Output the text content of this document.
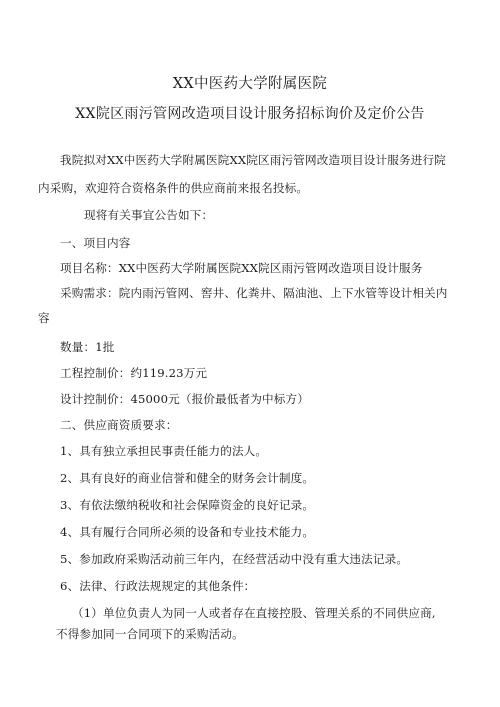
XX中医药大学附属医院
XX院区雨污管网改造项目设计服务招标询价及定价公告
我院拟对XX中医药大学附属医院XX院区雨污管网改造项目设计服务进行院
内采购，欢迎符合资格条件的供应商前来报名投标。
现将有关事宜公告如下：
一、项目内容
项目名称：XX中医药大学附属医院XX院区雨污管网改造项目设计服务
采购需求：院内雨污管网、窖井、化粪井、隔油池、上下水管等设计相关内
容
数量：1批
工程控制价：约119.23万元
设计控制价：45000元（报价最低者为中标方）
二、供应商资质要求：
1、具有独立承担民事责任能力的法人。
2、具有良好的商业信誉和健全的财务会计制度。
3、有依法缴纳税收和社会保障资金的良好记录。
4、具有履行合同所必须的设备和专业技术能力。
5、参加政府采购活动前三年内，在经营活动中没有重大违法记录。
6、法律、行政法规规定的其他条件：
（1）单位负责人为同一人或者存在直接控股、管理关系的不同供应商,
不得参加同一合同项下的采购活动。
